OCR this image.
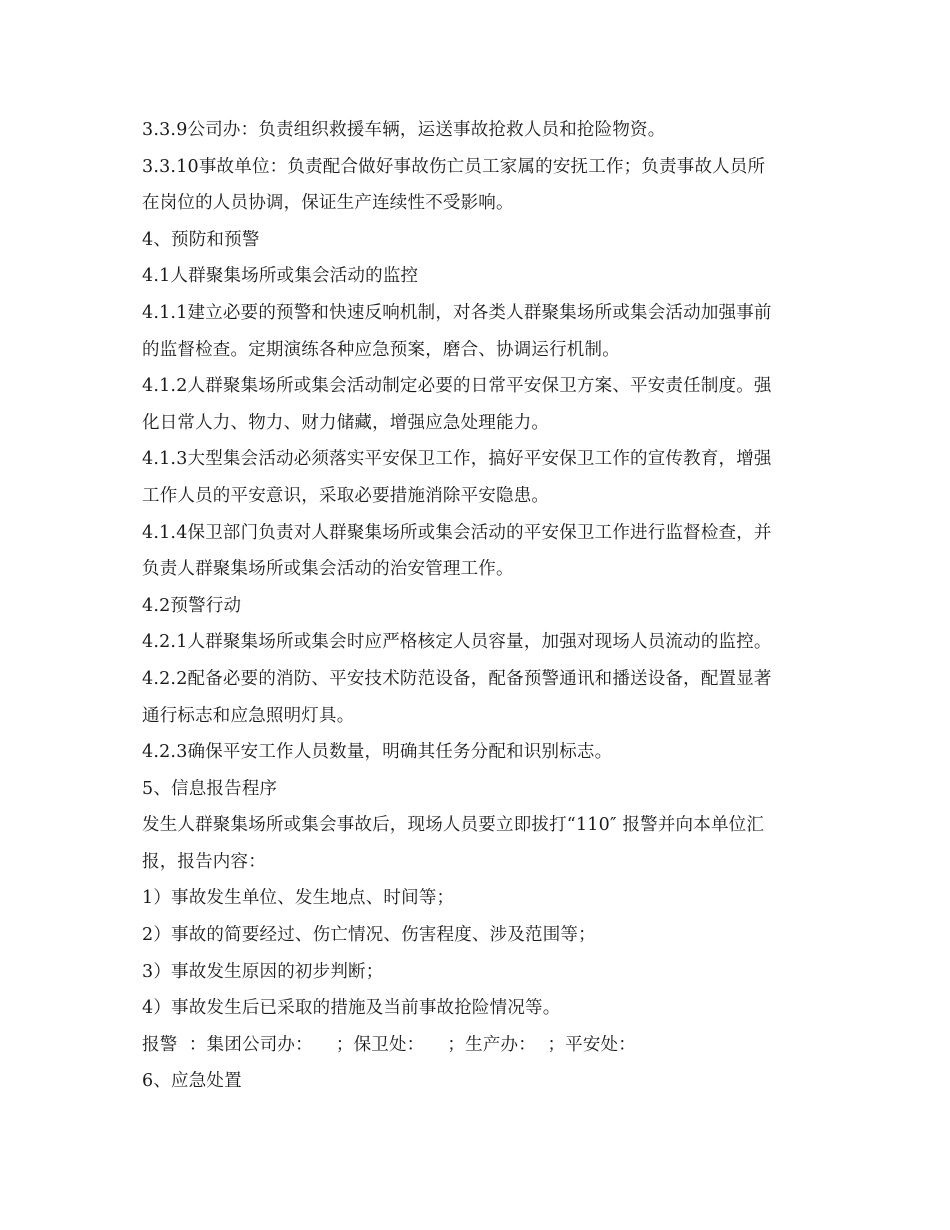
3.3.9公司办：负责组织救援车辆，运送事故抢救人员和抢险物资。
3.3.10事故单位：负责配合做好事故伤亡员工家属的安抚工作；负责事故人员所
在岗位的人员协调，保证生产连续性不受影响。
4、预防和预警
4.1人群聚集场所或集会活动的监控
4.1.1建立必要的预警和快速反响机制，对各类人群聚集场所或集会活动加强事前
的监督检查。定期演练各种应急预案，磨合、协调运行机制。
4.1.2人群聚集场所或集会活动制定必要的日常平安保卫方案、平安责任制度。强
化日常人力、物力、财力储藏，增强应急处理能力。
4.1.3大型集会活动必须落实平安保卫工作，搞好平安保卫工作的宣传教育，增强
工作人员的平安意识，采取必要措施消除平安隐患。
4.1.4保卫部门负责对人群聚集场所或集会活动的平安保卫工作进行监督检查，并
负责人群聚集场所或集会活动的治安管理工作。
4.2预警行动
4.2.1人群聚集场所或集会时应严格核定人员容量，加强对现场人员流动的监控。
4.2.2配备必要的消防、平安技术防范设备，配备预警通讯和播送设备，配置显著
通行标志和应急照明灯具。
4.2.3确保平安工作人员数量，明确其任务分配和识别标志。
5、信息报告程序
发生人群聚集场所或集会事故后，现场人员要立即拔打“110″ 报警并向本单位汇
报，报告内容：
1）事故发生单位、发生地点、时间等；
2）事故的简要经过、伤亡情况、伤害程度、涉及范围等；
3）事故发生原因的初步判断；
4）事故发生后已采取的措施及当前事故抢险情况等。
报警  ：集团公司办：    ；保卫处：    ；生产办：  ；平安处：
6、应急处置
